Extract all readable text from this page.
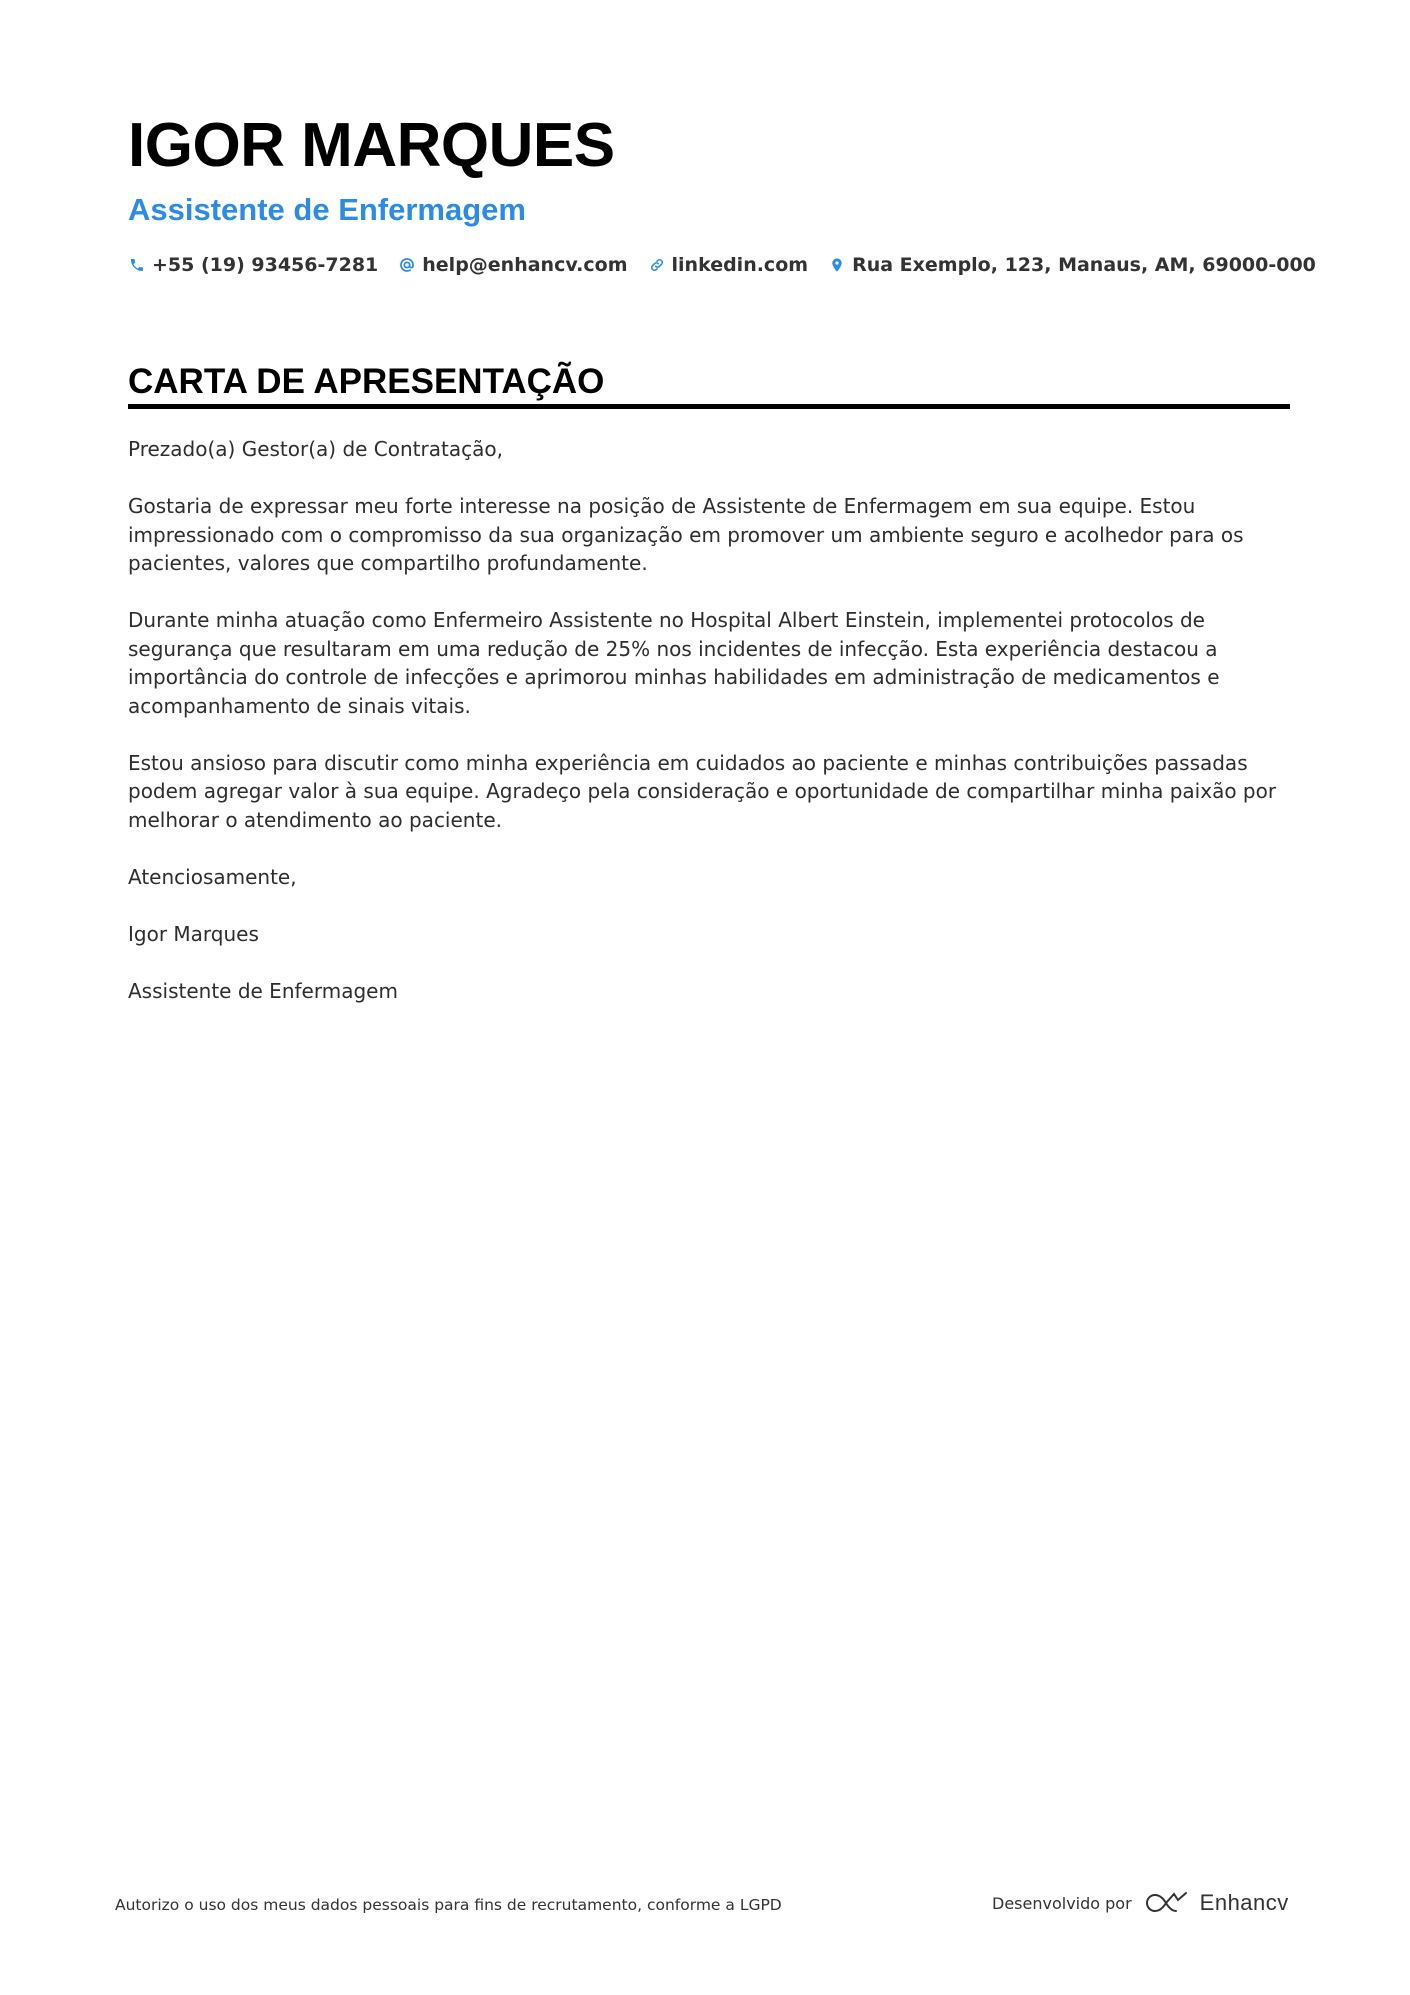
IGOR MARQUES
Assistente de Enfermagem
+55 (19) 93456-7281 help@enhancv.com linkedin.com Rua Exemplo, 123, Manaus, AM, 69000-000
CARTA DE APRESENTAÇÃO

Prezado(a) Gestor(a) de Contratação,

Gostaria de expressar meu forte interesse na posição de Assistente de Enfermagem em sua equipe. Estou impressionado com o compromisso da sua organização em promover um ambiente seguro e acolhedor para os pacientes, valores que compartilho profundamente.

Durante minha atuação como Enfermeiro Assistente no Hospital Albert Einstein, implementei protocolos de segurança que resultaram em uma redução de 25% nos incidentes de infecção. Esta experiência destacou a importância do controle de infecções e aprimorou minhas habilidades em administração de medicamentos e acompanhamento de sinais vitais.

Estou ansioso para discutir como minha experiência em cuidados ao paciente e minhas contribuições passadas podem agregar valor à sua equipe. Agradeço pela consideração e oportunidade de compartilhar minha paixão por melhorar o atendimento ao paciente.

Atenciosamente,

Igor Marques

Assistente de Enfermagem

Autorizo o uso dos meus dados pessoais para fins de recrutamento, conforme a LGPD	Desenvolvido por	Enhancv
